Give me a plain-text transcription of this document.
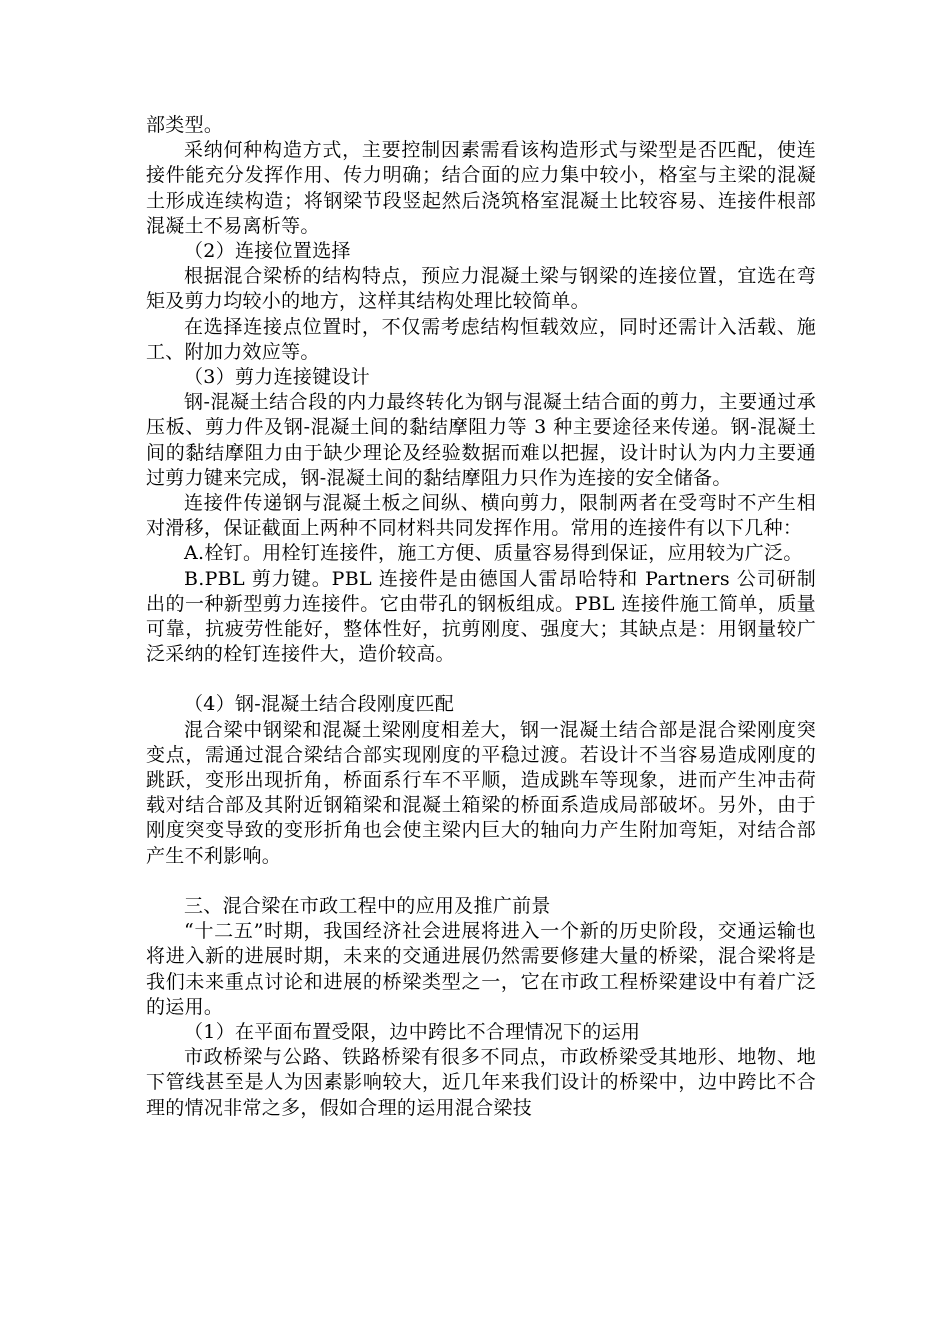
部类型。

采纳何种构造方式，主要控制因素需看该构造形式与梁型是否匹配，使连接件能充分发挥作用、传力明确；结合面的应力集中较小，格室与主梁的混凝土形成连续构造；将钢梁节段竖起然后浇筑格室混凝土比较容易、连接件根部混凝土不易离析等。

（2）连接位置选择

根据混合梁桥的结构特点，预应力混凝土梁与钢梁的连接位置，宜选在弯矩及剪力均较小的地方，这样其结构处理比较简单。

在选择连接点位置时，不仅需考虑结构恒载效应，同时还需计入活载、施工、附加力效应等。

（3）剪力连接键设计

钢-混凝土结合段的内力最终转化为钢与混凝土结合面的剪力，主要通过承压板、剪力件及钢-混凝土间的黏结摩阻力等 3 种主要途径来传递。钢-混凝土间的黏结摩阻力由于缺少理论及经验数据而难以把握，设计时认为内力主要通过剪力键来完成，钢-混凝土间的黏结摩阻力只作为连接的安全储备。

连接件传递钢与混凝土板之间纵、横向剪力，限制两者在受弯时不产生相对滑移，保证截面上两种不同材料共同发挥作用。常用的连接件有以下几种：

A.栓钉。用栓钉连接件，施工方便、质量容易得到保证，应用较为广泛。

B.PBL 剪力键。PBL 连接件是由德国人雷昂哈特和 Partners 公司研制出的一种新型剪力连接件。它由带孔的钢板组成。PBL 连接件施工简单，质量可靠，抗疲劳性能好，整体性好，抗剪刚度、强度大；其缺点是：用钢量较广泛采纳的栓钉连接件大，造价较高。

（4）钢-混凝土结合段刚度匹配

混合梁中钢梁和混凝土梁刚度相差大，钢一混凝土结合部是混合梁刚度突变点，需通过混合梁结合部实现刚度的平稳过渡。若设计不当容易造成刚度的跳跃，变形出现折角，桥面系行车不平顺，造成跳车等现象，进而产生冲击荷载对结合部及其附近钢箱梁和混凝土箱梁的桥面系造成局部破坏。另外，由于刚度突变导致的变形折角也会使主梁内巨大的轴向力产生附加弯矩，对结合部产生不利影响。

三、混合梁在市政工程中的应用及推广前景

“十二五”时期，我国经济社会进展将进入一个新的历史阶段，交通运输也将进入新的进展时期，未来的交通进展仍然需要修建大量的桥梁，混合梁将是我们未来重点讨论和进展的桥梁类型之一，它在市政工程桥梁建设中有着广泛的运用。

（1）在平面布置受限，边中跨比不合理情况下的运用

市政桥梁与公路、铁路桥梁有很多不同点，市政桥梁受其地形、地物、地下管线甚至是人为因素影响较大，近几年来我们设计的桥梁中，边中跨比不合理的情况非常之多，假如合理的运用混合梁技
